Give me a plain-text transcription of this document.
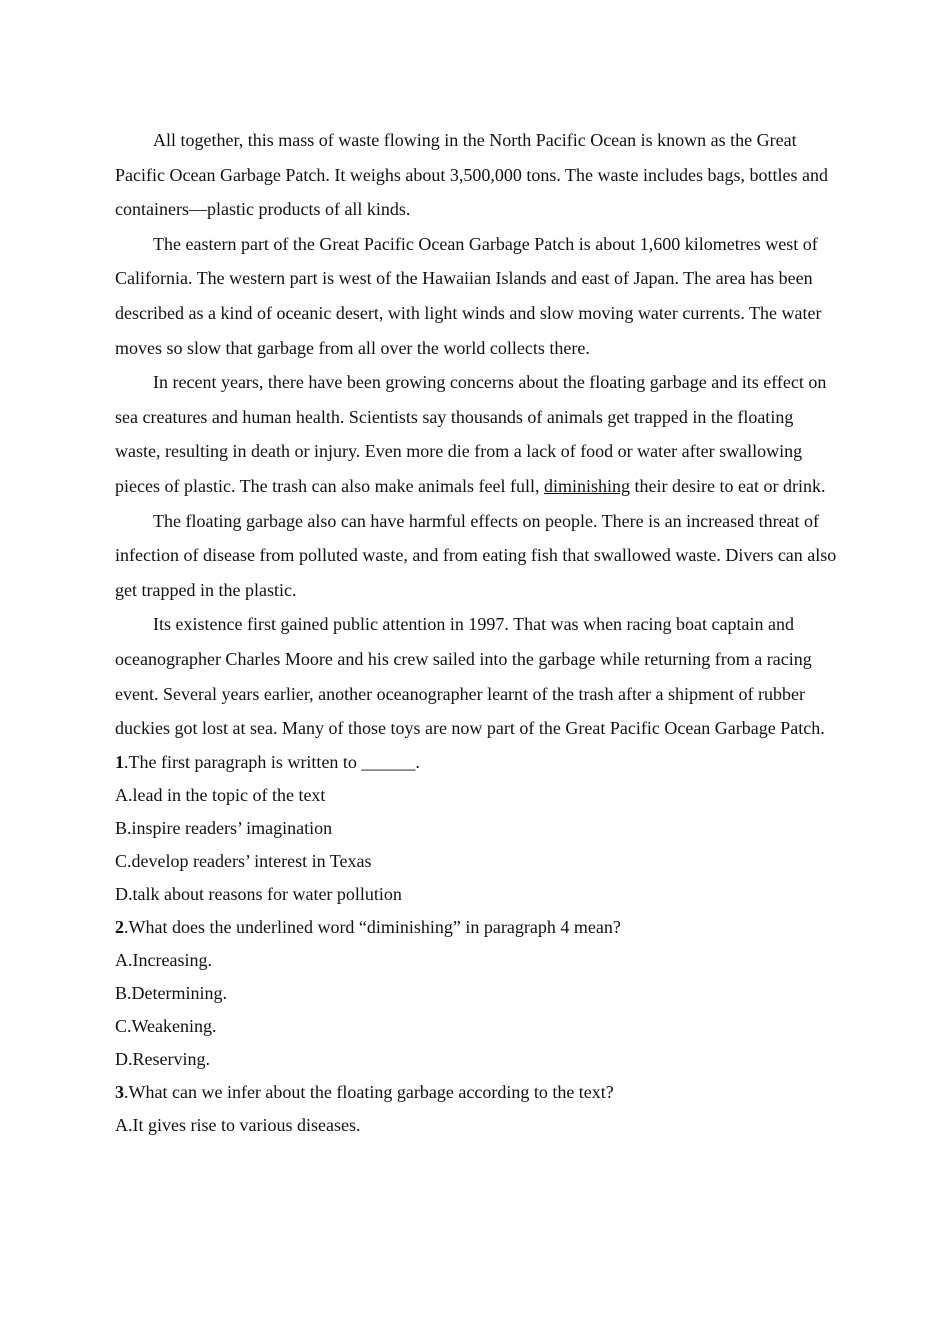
All together, this mass of waste flowing in the North Pacific Ocean is known as the Great Pacific Ocean Garbage Patch. It weighs about 3,500,000 tons. The waste includes bags, bottles and containers—plastic products of all kinds.

The eastern part of the Great Pacific Ocean Garbage Patch is about 1,600 kilometres west of California. The western part is west of the Hawaiian Islands and east of Japan. The area has been described as a kind of oceanic desert, with light winds and slow moving water currents. The water moves so slow that garbage from all over the world collects there.

In recent years, there have been growing concerns about the floating garbage and its effect on sea creatures and human health. Scientists say thousands of animals get trapped in the floating waste, resulting in death or injury. Even more die from a lack of food or water after swallowing pieces of plastic. The trash can also make animals feel full, diminishing their desire to eat or drink.

The floating garbage also can have harmful effects on people. There is an increased threat of infection of disease from polluted waste, and from eating fish that swallowed waste. Divers can also get trapped in the plastic.

Its existence first gained public attention in 1997. That was when racing boat captain and oceanographer Charles Moore and his crew sailed into the garbage while returning from a racing event. Several years earlier, another oceanographer learnt of the trash after a shipment of rubber duckies got lost at sea. Many of those toys are now part of the Great Pacific Ocean Garbage Patch.

1.The first paragraph is written to ______.

A.lead in the topic of the text

B.inspire readers’ imagination

C.develop readers’ interest in Texas

D.talk about reasons for water pollution

2.What does the underlined word “diminishing” in paragraph 4 mean?

A.Increasing.

B.Determining.

C.Weakening.

D.Reserving.

3.What can we infer about the floating garbage according to the text?

A.It gives rise to various diseases.
